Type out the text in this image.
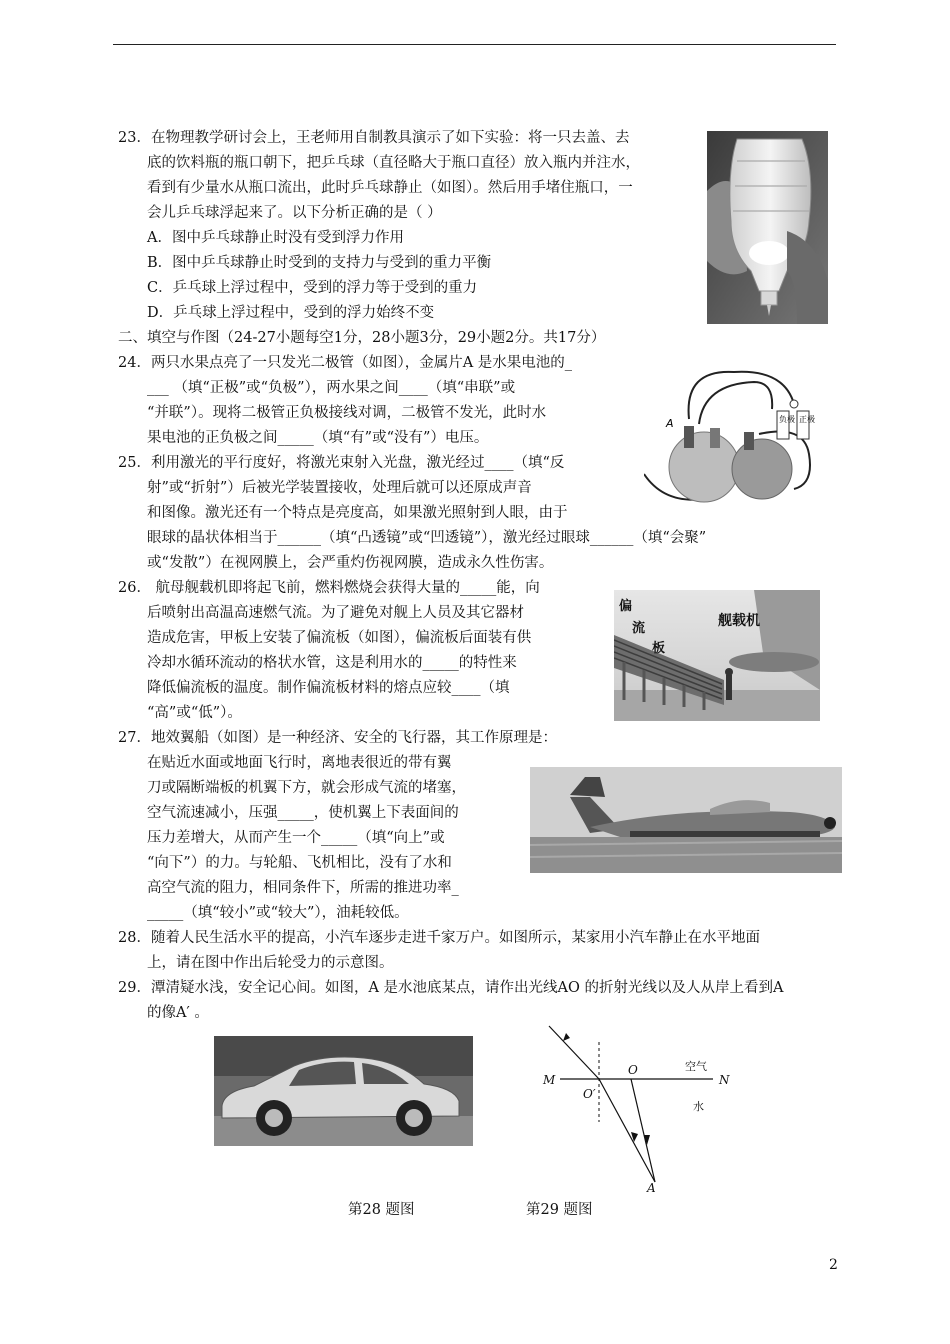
23．在物理教学研讨会上，王老师用自制教具演示了如下实验：将一只去盖、去
底的饮料瓶的瓶口朝下，把乒乓球（直径略大于瓶口直径）放入瓶内并注水，
看到有少量水从瓶口流出，此时乒乓球静止（如图）。然后用手堵住瓶口，一
会儿乒乓球浮起来了。以下分析正确的是（ ）
A．图中乒乓球静止时没有受到浮力作用
B．图中乒乓球静止时受到的支持力与受到的重力平衡
C．乒乓球上浮过程中，受到的浮力等于受到的重力
D．乒乓球上浮过程中，受到的浮力始终不变
二、填空与作图（24-27小题每空1分，28小题3分，29小题2分。共17分）
24．两只水果点亮了一只发光二极管（如图），金属片A 是水果电池的_
___ （填“正极”或“负极”），两水果之间____（填“串联”或
“并联”）。现将二极管正负极接线对调，二极管不发光，此时水
果电池的正负极之间_____（填“有”或“没有”）电压。
A	负极 正极
25．利用激光的平行度好，将激光束射入光盘，激光经过____（填“反
射”或“折射”）后被光学装置接收，处理后就可以还原成声音
和图像。激光还有一个特点是亮度高，如果激光照射到人眼，由于
眼球的晶状体相当于______（填“凸透镜”或“凹透镜”），激光经过眼球______（填“会聚”
或“发散”）在视网膜上，会严重灼伤视网膜，造成永久性伤害。
26． 航母舰载机即将起飞前，燃料燃烧会获得大量的_____能，向
后喷射出高温高速燃气流。为了避免对舰上人员及其它器材
造成危害，甲板上安装了偏流板（如图），偏流板后面装有供
冷却水循环流动的格状水管，这是利用水的_____的特性来
降低偏流板的温度。制作偏流板材料的熔点应较____（填
“高”或“低”）。
偏 流 板
舰载机
27．地效翼船（如图）是一种经济、安全的飞行器，其工作原理是：
在贴近水面或地面飞行时，离地表很近的带有翼
刀或隔断端板的机翼下方，就会形成气流的堵塞，
空气流速减小，压强_____，使机翼上下表面间的
压力差增大，从而产生一个_____（填“向上”或
“向下”）的力。与轮船、飞机相比，没有了水和
高空气流的阻力，相同条件下，所需的推进功率_
_____（填“较小”或“较大”），油耗较低。
28．随着人民生活水平的提高，小汽车逐步走进千家万户。如图所示，某家用小汽车静止在水平地面
上，请在图中作出后轮受力的示意图。
29．潭清疑水浅，安全记心间。如图，A 是水池底某点，请作出光线AO 的折射光线以及人从岸上看到A
的像A′ 。
M	N O O′ A
空气 水
第28 题图	第29 题图
2
